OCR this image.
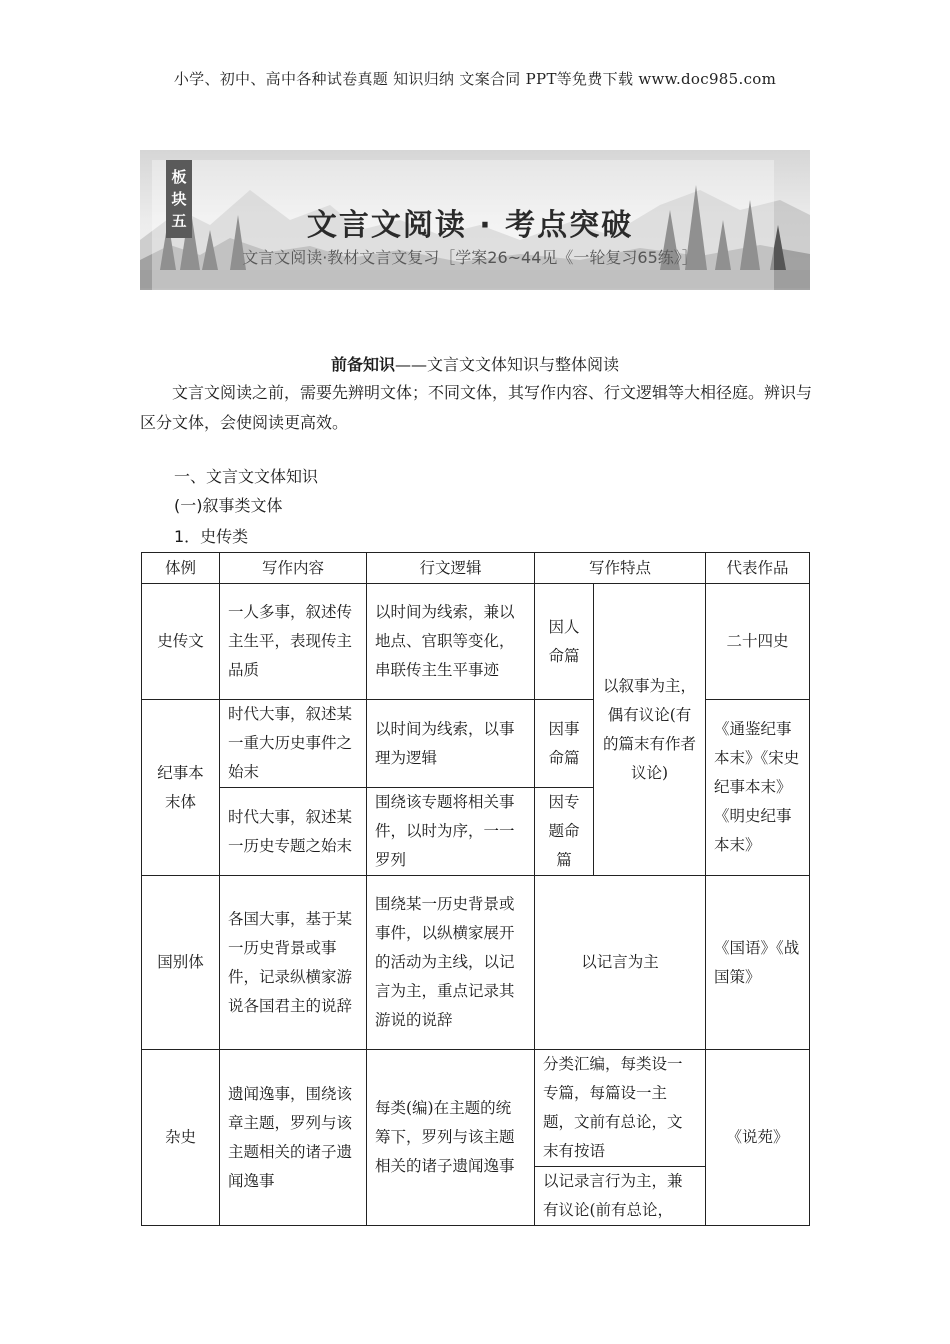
小学、初中、高中各种试卷真题 知识归纳 文案合同 PPT等免费下载 www.doc985.com
板
块
五	文言文阅读 · 考点突破
文言文阅读·教材文言文复习［学案26~44见《一轮复习65练》］
前备知识——文言文文体知识与整体阅读
文言文阅读之前，需要先辨明文体；不同文体，其写作内容、行文逻辑等大相径庭。辨识与区分文体，会使阅读更高效。
一、文言文文体知识
(一)叙事类文体
1．史传类
体例	写作内容	行文逻辑	写作特点		代表作品
史传文	一人多事，叙述传主生平，表现传主品质	以时间为线索，兼以地点、官职等变化，串联传主生平事迹	因人命篇	以叙事为主，偶有议论(有的篇末有作者议论)	二十四史
纪事本末体	时代大事，叙述某一重大历史事件之始末	以时间为线索，以事理为逻辑	因事命篇		《通鉴纪事本末》《宋史纪事本末》《明史纪事本末》
	时代大事，叙述某一历史专题之始末	围绕该专题将相关事件，以时为序，一一罗列	因专题命篇		
国别体	各国大事，基于某一历史背景或事件，记录纵横家游说各国君主的说辞	围绕某一历史背景或事件，以纵横家展开的活动为主线，以记言为主，重点记录其游说的说辞	以记言为主		《国语》《战国策》
杂史	遗闻逸事，围绕该章主题，罗列与该主题相关的诸子遗闻逸事	每类(编)在主题的统筹下，罗列与该主题相关的诸子遗闻逸事	分类汇编，每类设一专篇，每篇设一主题，文前有总论，文末有按语		《说苑》
			以记录言行为主，兼有议论(前有总论，		
